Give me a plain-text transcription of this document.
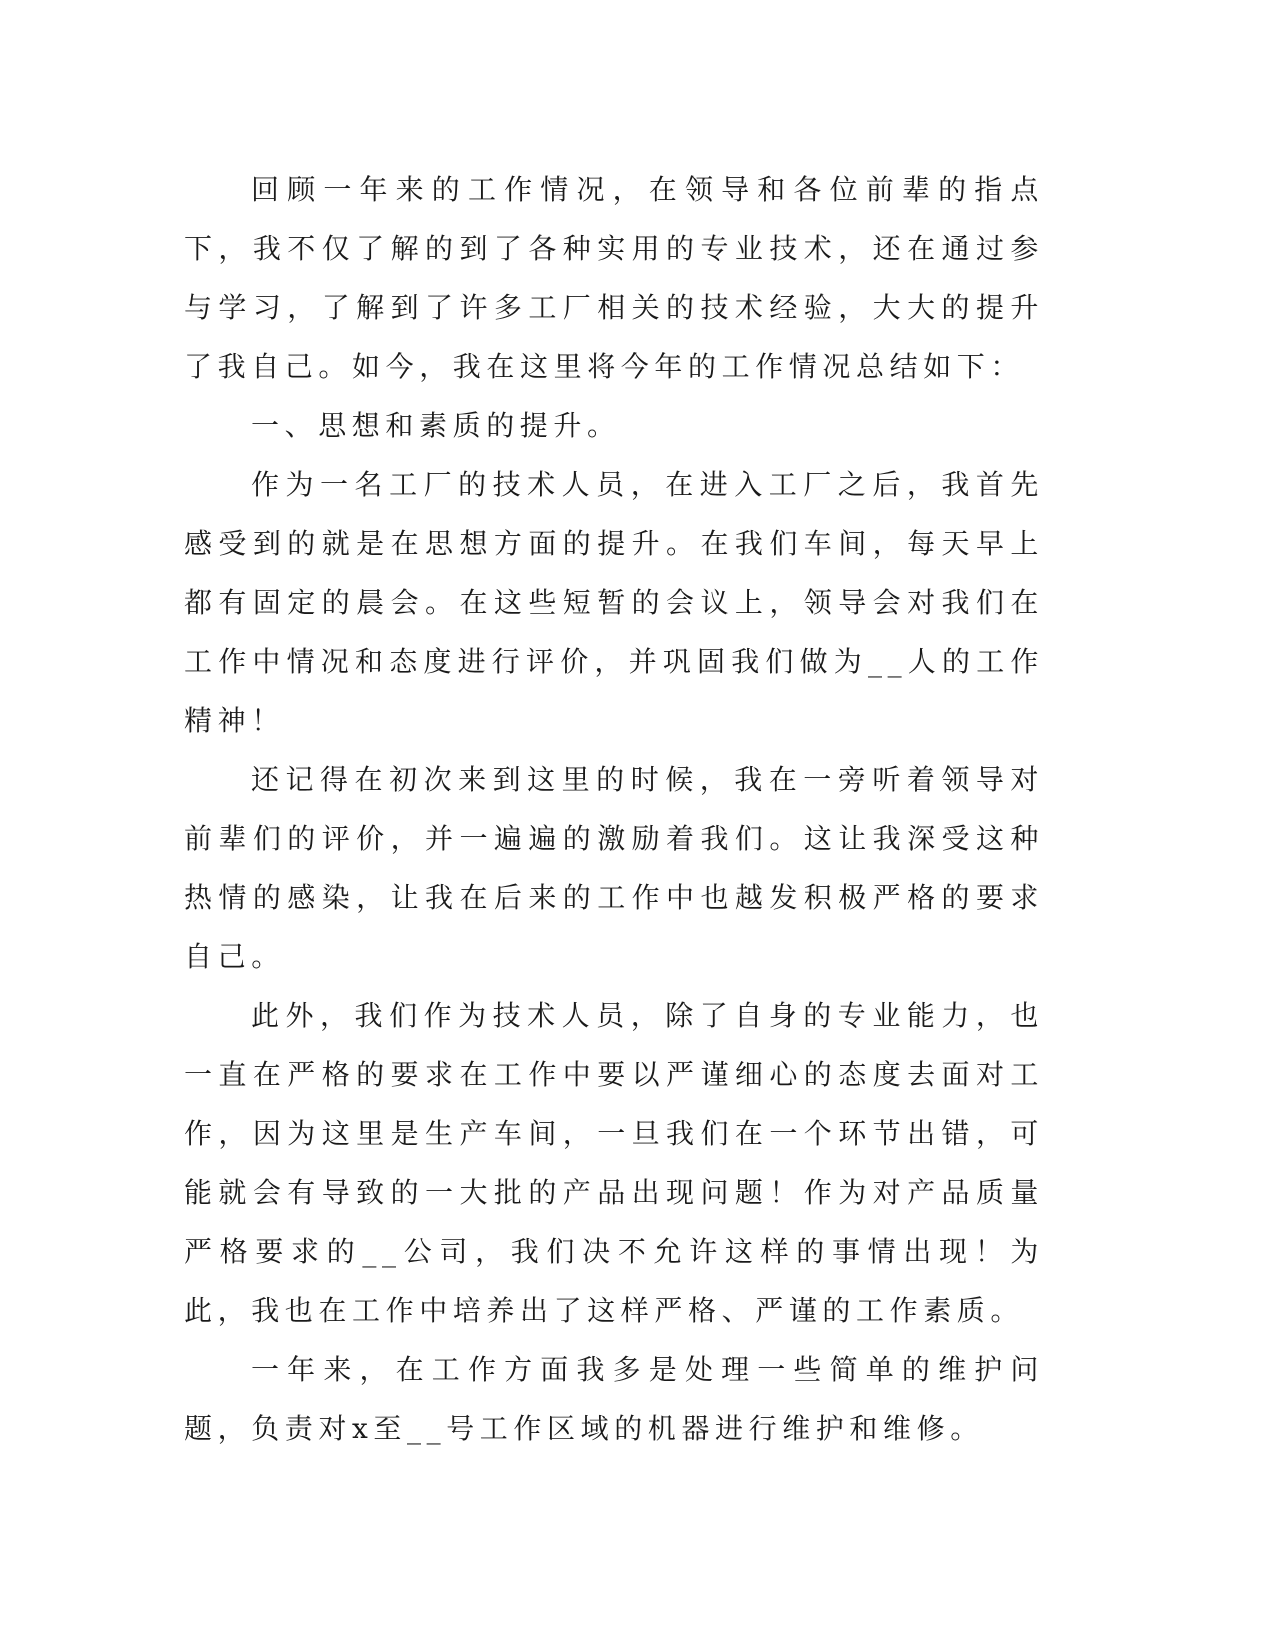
回顾一年来的工作情况，在领导和各位前辈的指点下，我不仅了解的到了各种实用的专业技术，还在通过参与学习，了解到了许多工厂相关的技术经验，大大的提升了我自己。如今，我在这里将今年的工作情况总结如下：

一、思想和素质的提升。

作为一名工厂的技术人员，在进入工厂之后，我首先感受到的就是在思想方面的提升。在我们车间，每天早上都有固定的晨会。在这些短暂的会议上，领导会对我们在工作中情况和态度进行评价，并巩固我们做为__人的工作精神！

还记得在初次来到这里的时候，我在一旁听着领导对前辈们的评价，并一遍遍的激励着我们。这让我深受这种热情的感染，让我在后来的工作中也越发积极严格的要求自己。

此外，我们作为技术人员，除了自身的专业能力，也一直在严格的要求在工作中要以严谨细心的态度去面对工作，因为这里是生产车间，一旦我们在一个环节出错，可能就会有导致的一大批的产品出现问题！作为对产品质量严格要求的__公司，我们决不允许这样的事情出现！为此，我也在工作中培养出了这样严格、严谨的工作素质。

一年来，在工作方面我多是处理一些简单的维护问题，负责对x至__号工作区域的机器进行维护和维修。
